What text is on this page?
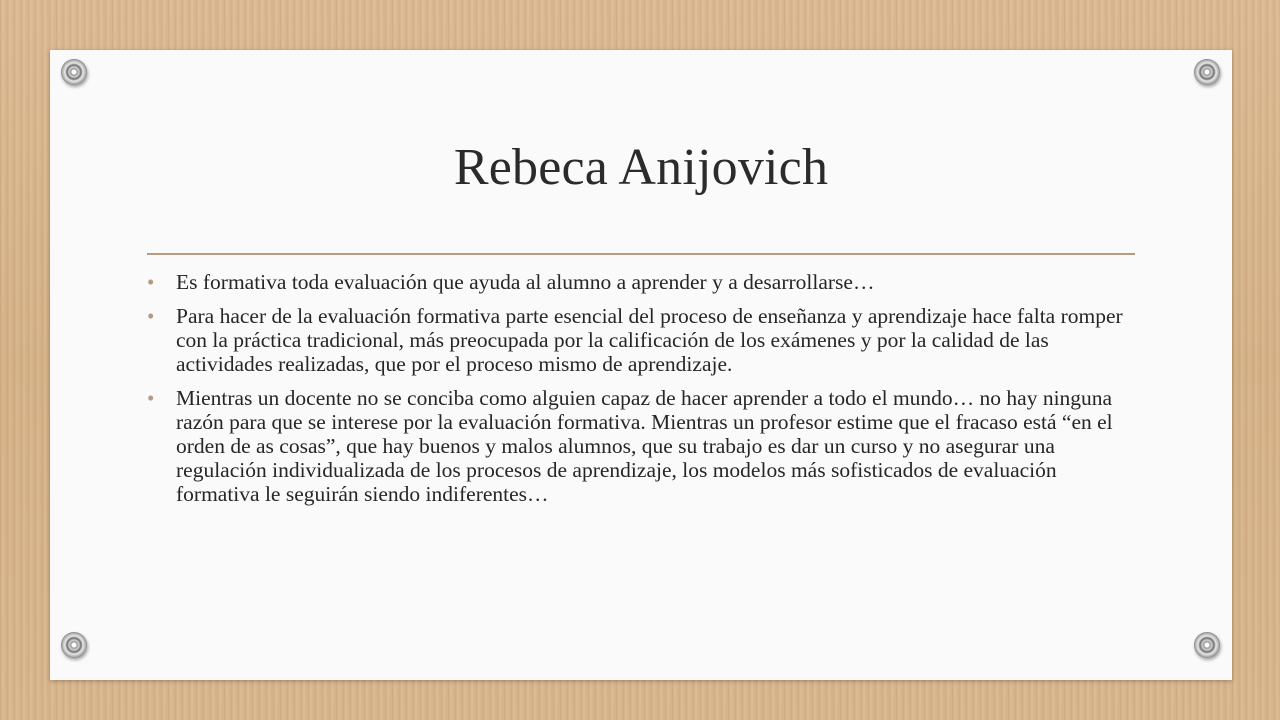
Rebeca Anijovich
• Es formativa toda evaluación que ayuda al alumno a aprender y a desarrollarse…
• Para hacer de la evaluación formativa parte esencial del proceso de enseñanza y aprendizaje hace falta romper con la práctica tradicional, más preocupada por la calificación de los exámenes y por la calidad de las actividades realizadas, que por el proceso mismo de aprendizaje.
• Mientras un docente no se conciba como alguien capaz de hacer aprender a todo el mundo… no hay ninguna razón para que se interese por la evaluación formativa. Mientras un profesor estime que el fracaso está “en el orden de as cosas”, que hay buenos y malos alumnos, que su trabajo es dar un curso y no asegurar una regulación individualizada de los procesos de aprendizaje, los modelos más sofisticados de evaluación formativa le seguirán siendo indiferentes…
